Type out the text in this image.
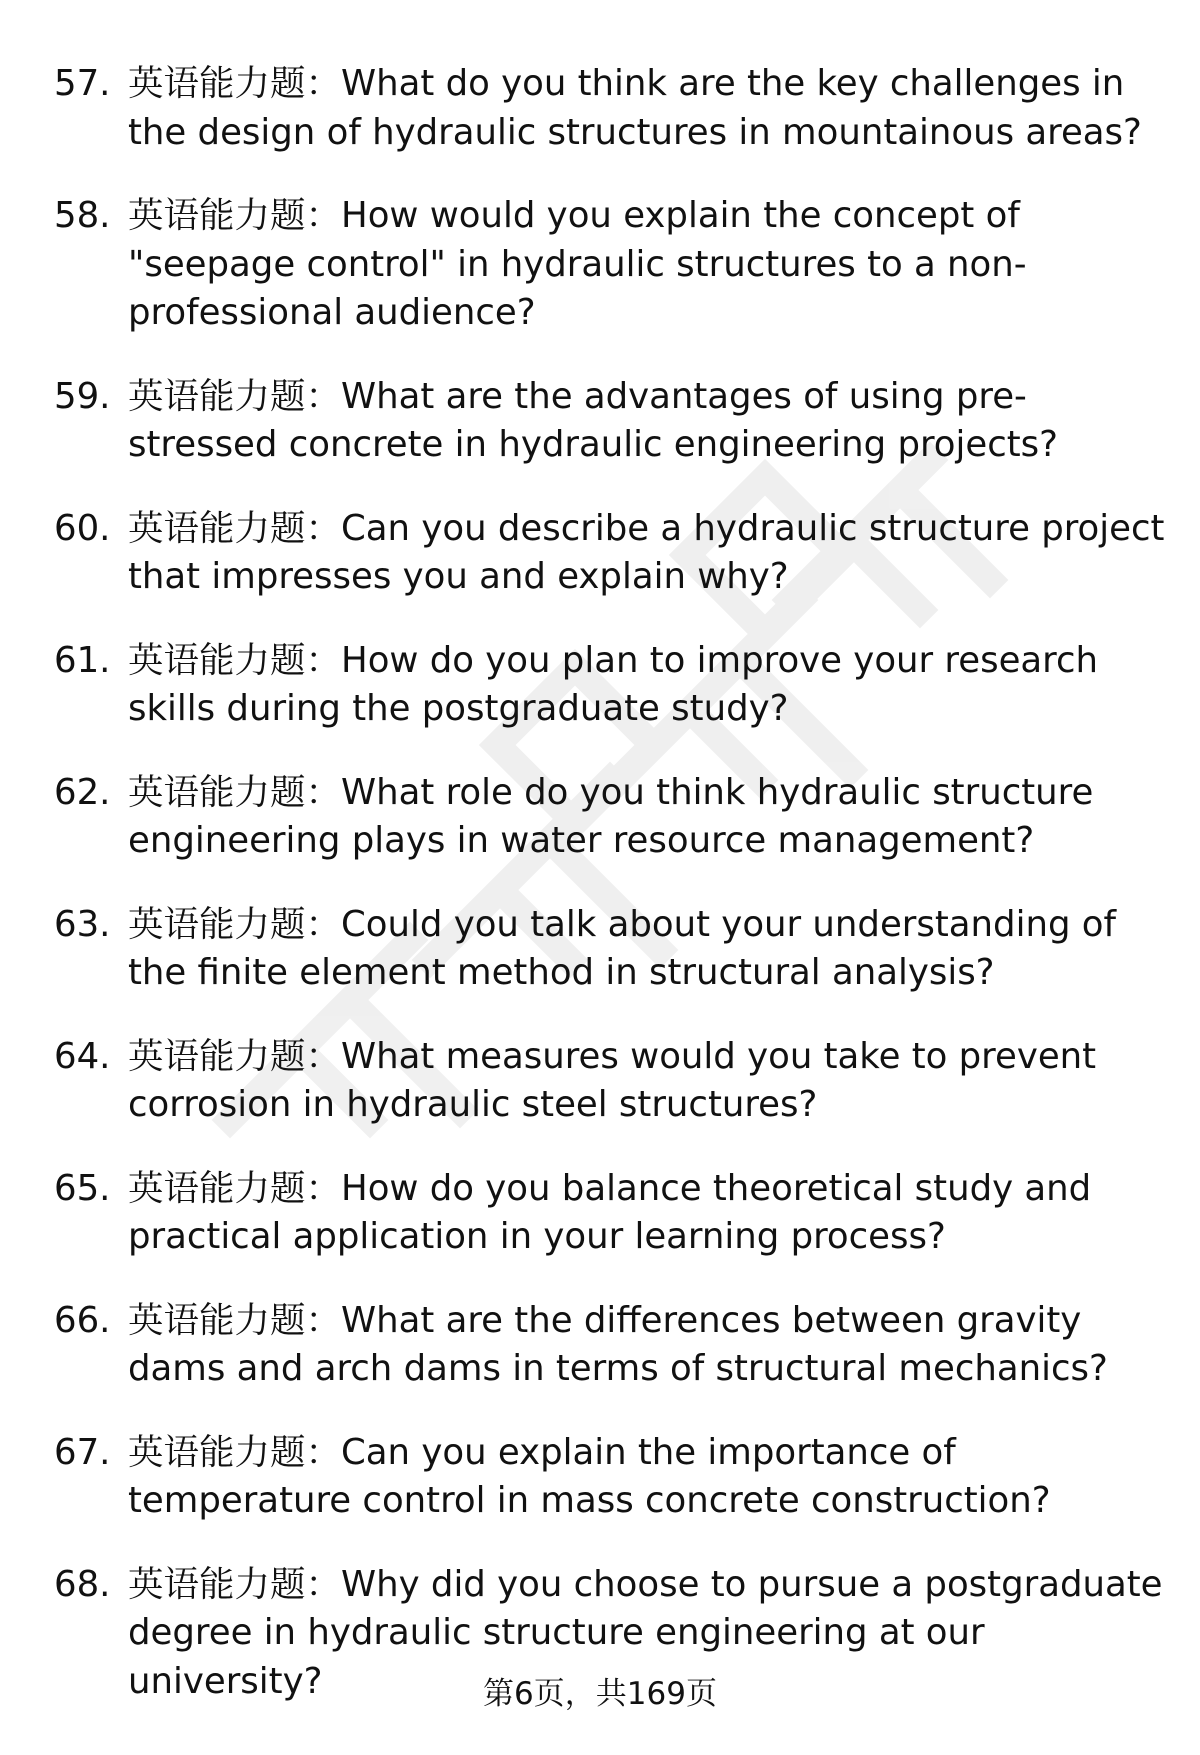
57. 英语能力题：What do you think are the key challenges in the design of hydraulic structures in mountainous areas?
58. 英语能力题：How would you explain the concept of "seepage control" in hydraulic structures to a non-professional audience?
59. 英语能力题：What are the advantages of using pre-stressed concrete in hydraulic engineering projects?
60. 英语能力题：Can you describe a hydraulic structure project that impresses you and explain why?
61. 英语能力题：How do you plan to improve your research skills during the postgraduate study?
62. 英语能力题：What role do you think hydraulic structure engineering plays in water resource management?
63. 英语能力题：Could you talk about your understanding of the finite element method in structural analysis?
64. 英语能力题：What measures would you take to prevent corrosion in hydraulic steel structures?
65. 英语能力题：How do you balance theoretical study and practical application in your learning process?
66. 英语能力题：What are the differences between gravity dams and arch dams in terms of structural mechanics?
67. 英语能力题：Can you explain the importance of temperature control in mass concrete construction?
68. 英语能力题：Why did you choose to pursue a postgraduate degree in hydraulic structure engineering at our university?	第6页，共169页
